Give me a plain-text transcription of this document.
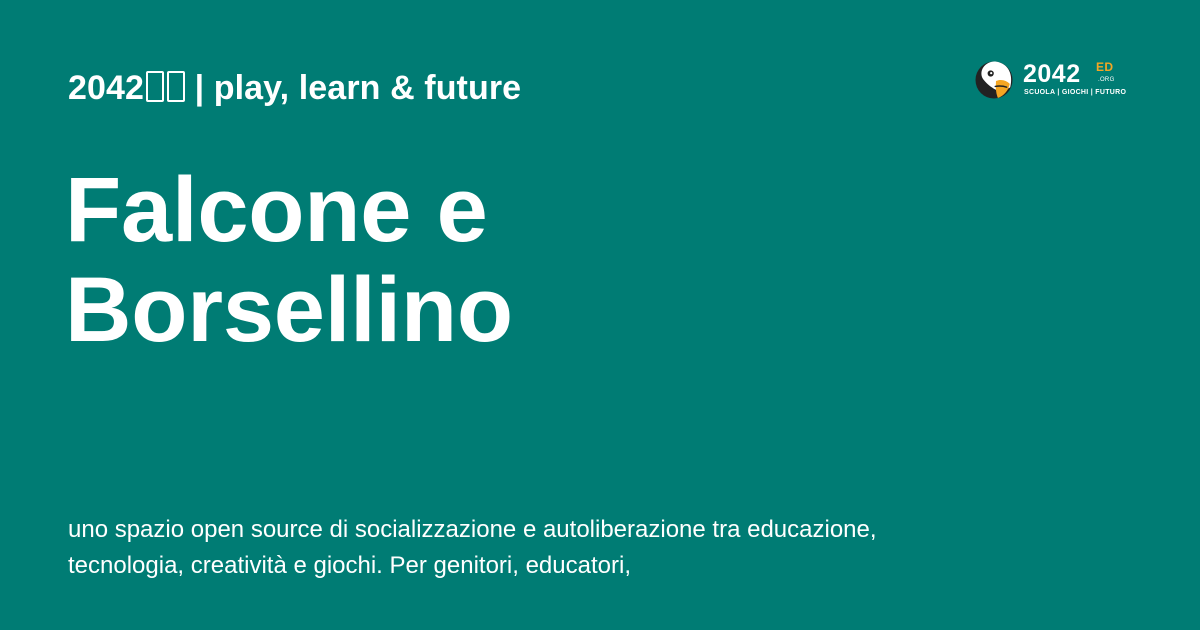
2042 | play, learn & future
Falcone e Borsellino

uno spazio open source di socializzazione e autoliberazione tra educazione, tecnologia, creatività e giochi. Per genitori, educatori,

2042 ED
.ORG
SCUOLA | GIOCHI | FUTURO
